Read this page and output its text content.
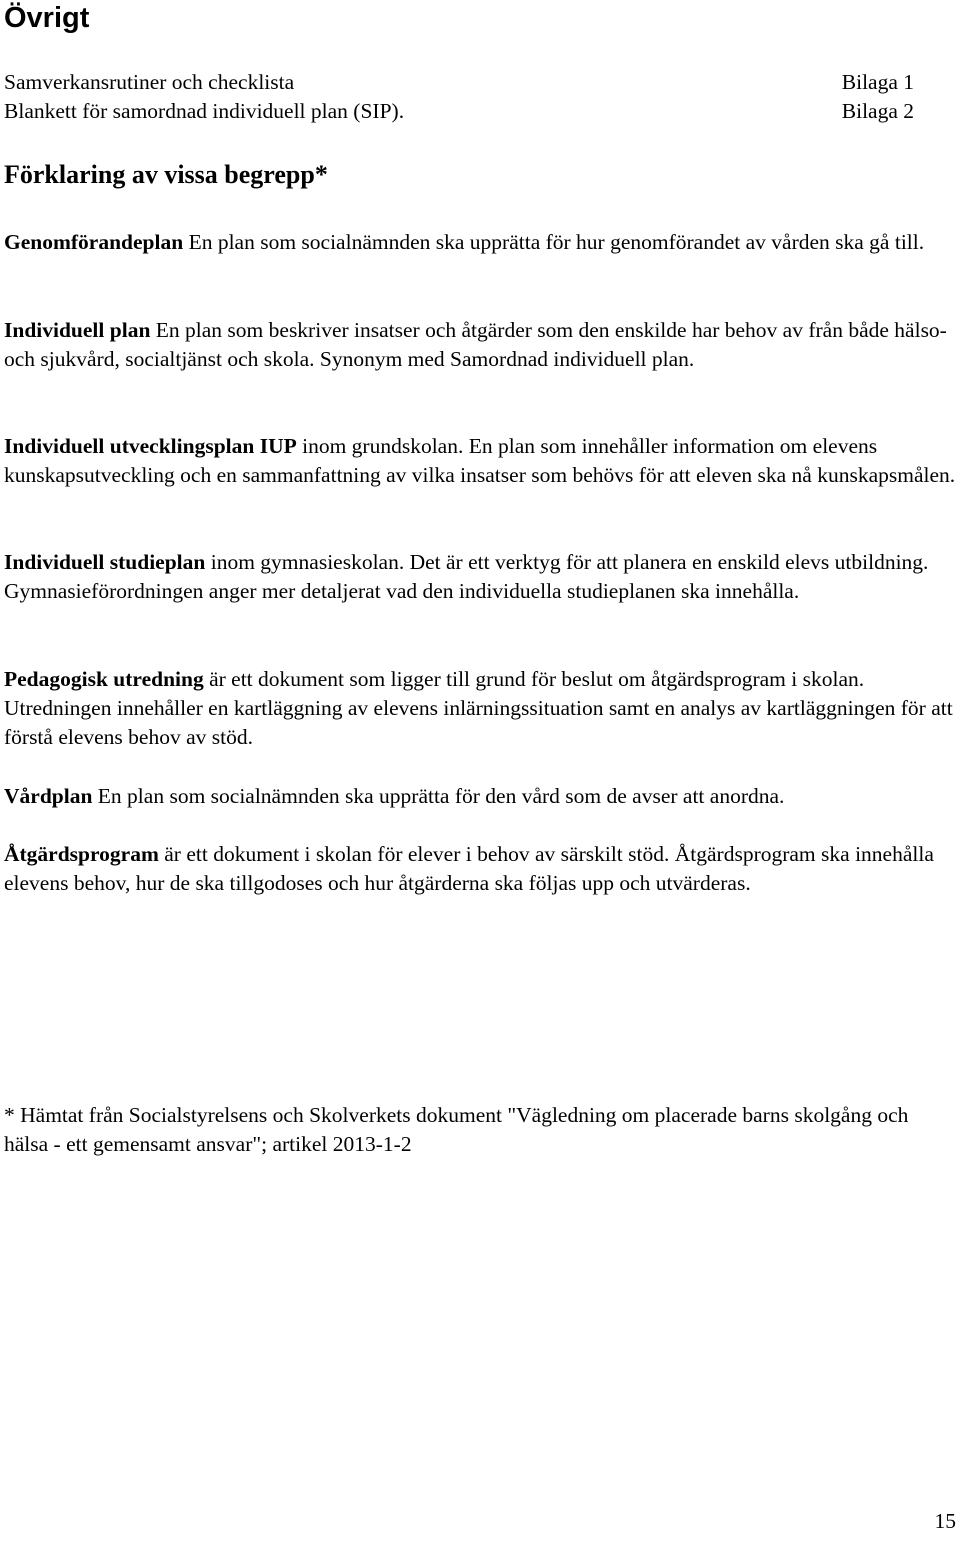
Övrigt
Samverkansrutiner och checklista	Bilaga 1
Blankett för samordnad individuell plan (SIP).	Bilaga 2
Förklaring av vissa begrepp*
Genomförandeplan En plan som socialnämnden ska upprätta för hur genomförandet av vården ska gå till.
Individuell plan En plan som beskriver insatser och åtgärder som den enskilde har behov av från både hälso- och sjukvård, socialtjänst och skola. Synonym med Samordnad individuell plan.
Individuell utvecklingsplan IUP inom grundskolan. En plan som innehåller information om elevens kunskapsutveckling och en sammanfattning av vilka insatser som behövs för att eleven ska nå kunskapsmålen.
Individuell studieplan inom gymnasieskolan. Det är ett verktyg för att planera en enskild elevs utbildning. Gymnasieförordningen anger mer detaljerat vad den individuella studieplanen ska innehålla.
Pedagogisk utredning är ett dokument som ligger till grund för beslut om åtgärdsprogram i skolan. Utredningen innehåller en kartläggning av elevens inlärningssituation samt en analys av kartläggningen för att förstå elevens behov av stöd.
Vårdplan En plan som socialnämnden ska upprätta för den vård som de avser att anordna.
Åtgärdsprogram är ett dokument i skolan för elever i behov av särskilt stöd. Åtgärdsprogram ska innehålla elevens behov, hur de ska tillgodoses och hur åtgärderna ska följas upp och utvärderas.
* Hämtat från Socialstyrelsens och Skolverkets dokument "Vägledning om placerade barns skolgång och hälsa - ett gemensamt ansvar"; artikel 2013-1-2
15
